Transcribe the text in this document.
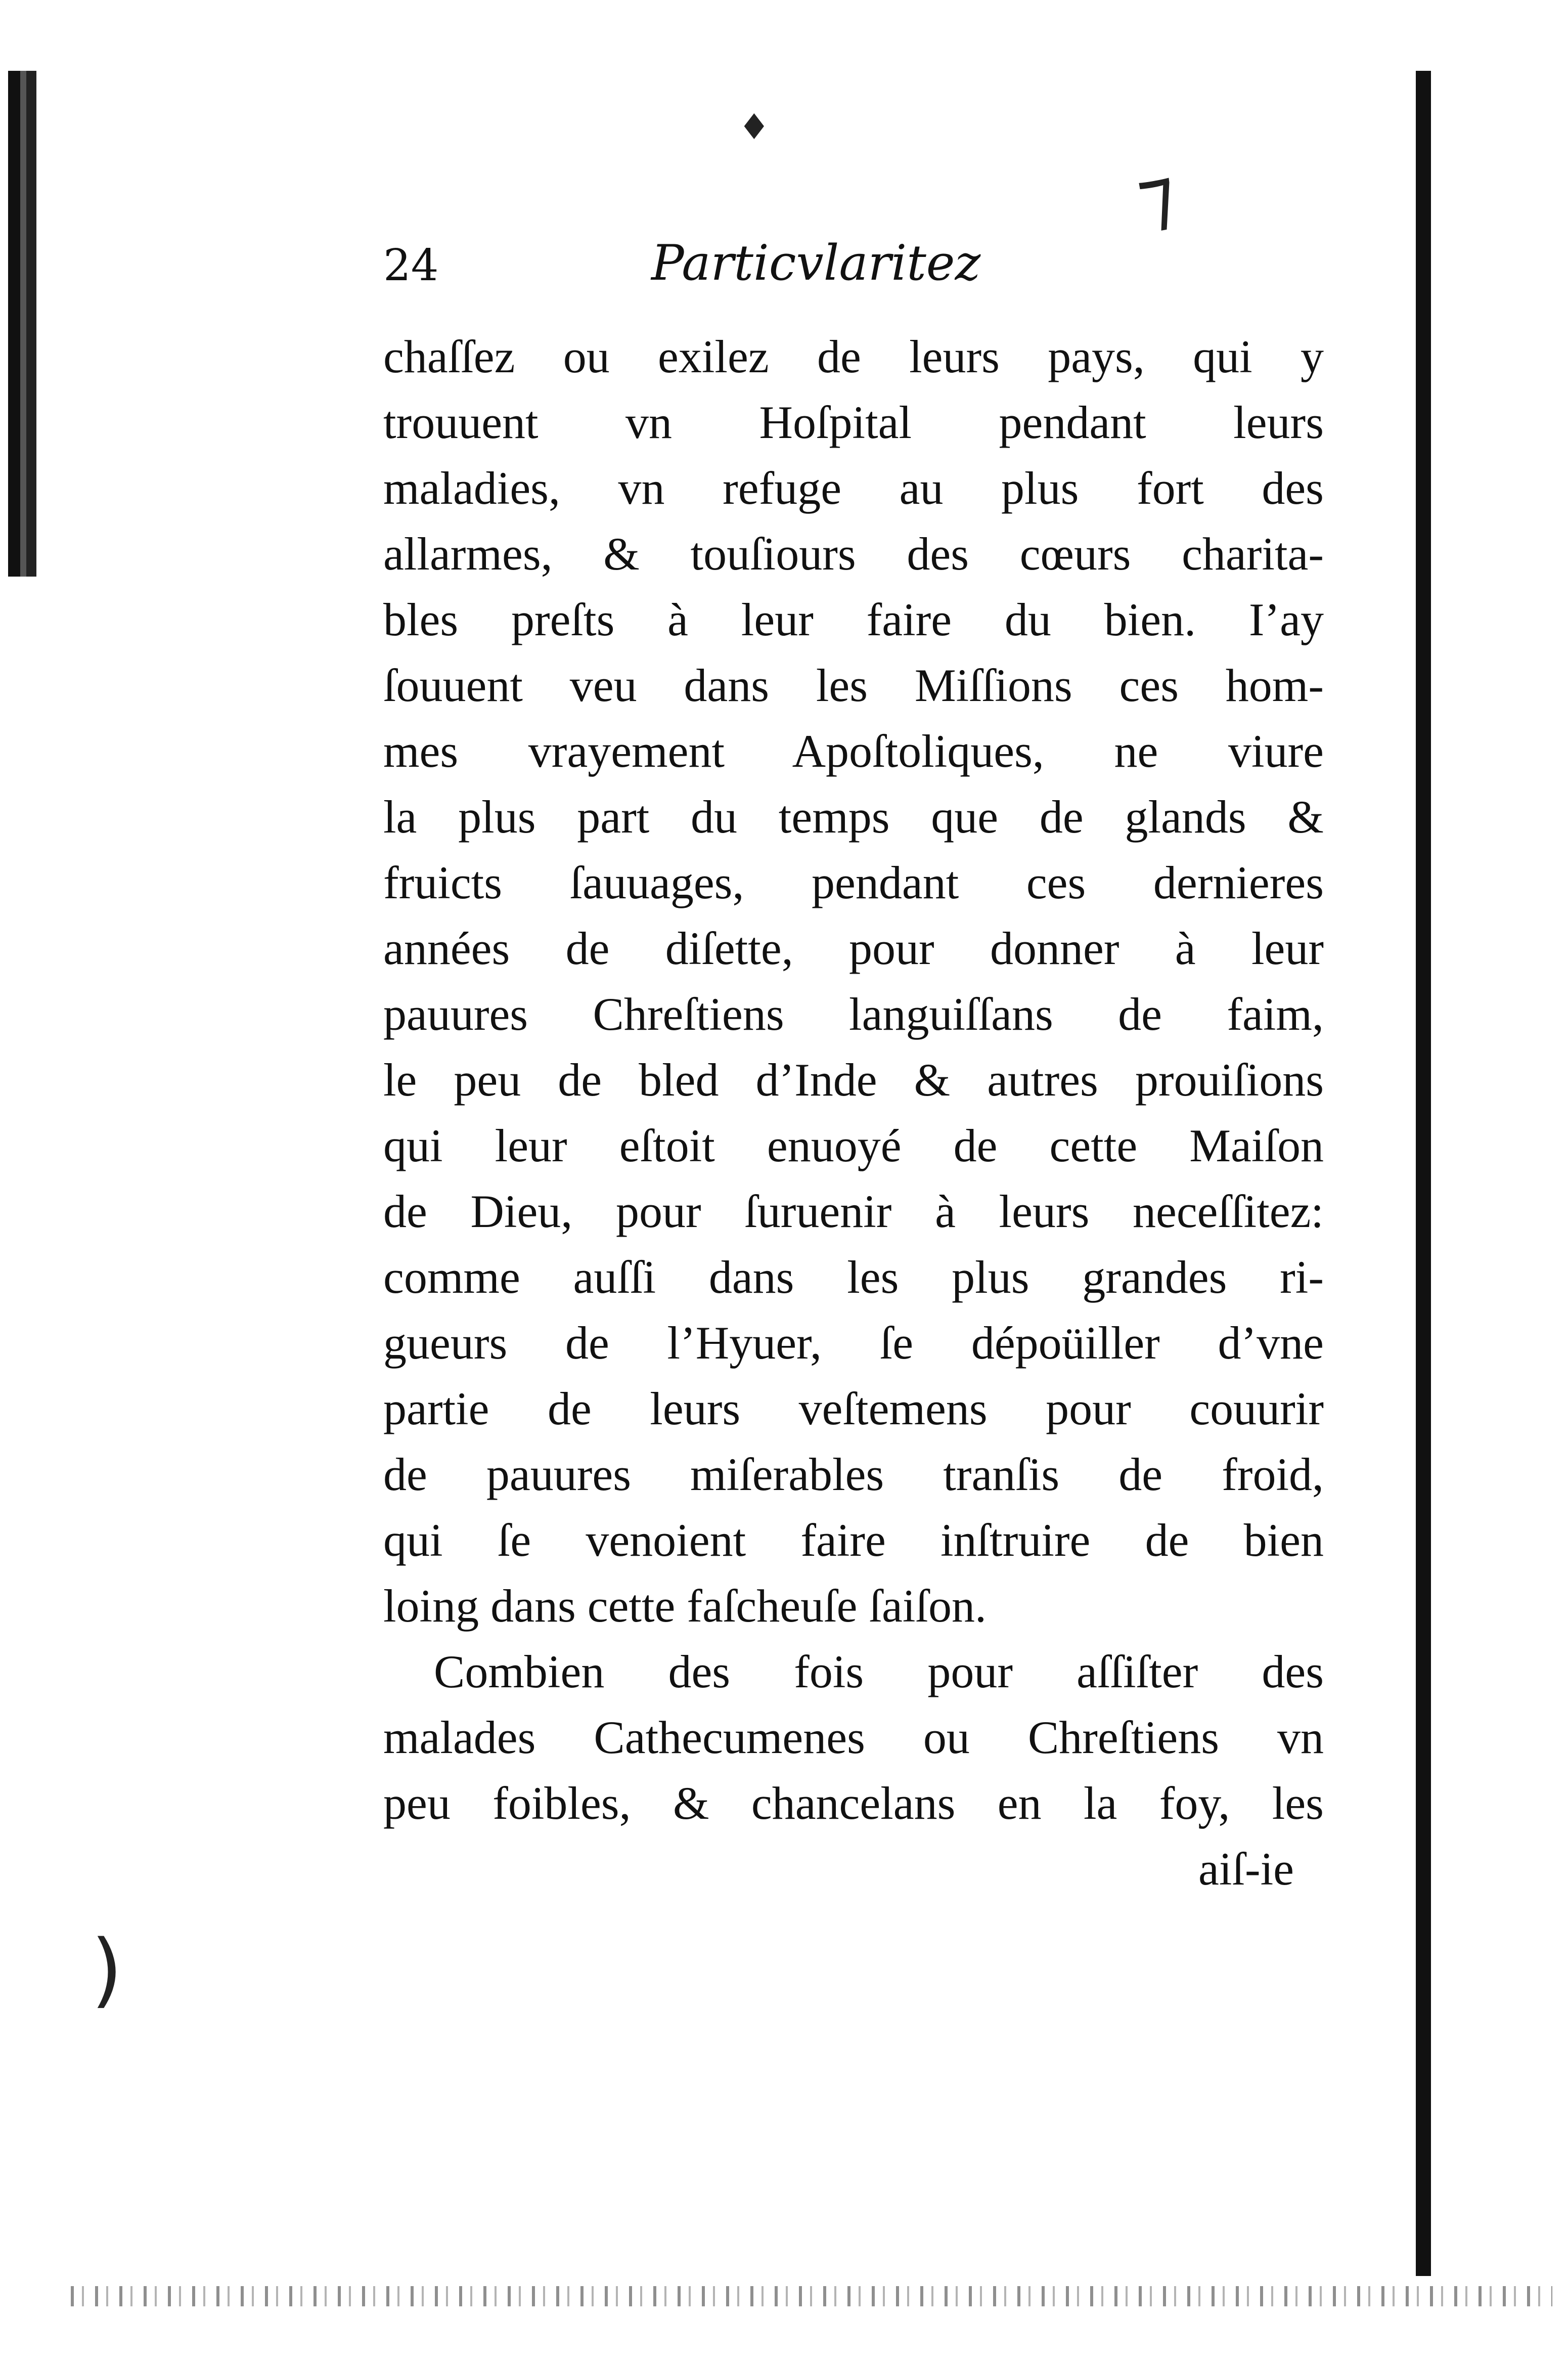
⁊
)
♦
24	Particvlaritez
chaſſez ou exilez de leurs pays, qui y
trouuent vn Hoſpital pendant leurs
maladies, vn refuge au plus fort des
allarmes, & touſiours des cœurs charita-
bles preſts à leur faire du bien. I’ay
ſouuent veu dans les Miſſions ces hom-
mes vrayement Apoſtoliques, ne viure
la plus part du temps que de glands &
fruicts ſauuages, pendant ces dernieres
années de diſette, pour donner à leur
pauures Chreſtiens languiſſans de faim,
le peu de bled d’Inde & autres prouiſions
qui leur eſtoit enuoyé de cette Maiſon
de Dieu, pour ſuruenir à leurs neceſſitez:
comme auſſi dans les plus grandes ri-
gueurs de l’Hyuer, ſe dépoüiller d’vne
partie de leurs veſtemens pour couurir
de pauures miſerables tranſis de froid,
qui ſe venoient faire inſtruire de bien
loing dans cette faſcheuſe ſaiſon.
Combien des fois pour aſſiſter des
malades Cathecumenes ou Chreſtiens vn
peu foibles, & chancelans en la foy, les
aiſ-ie
